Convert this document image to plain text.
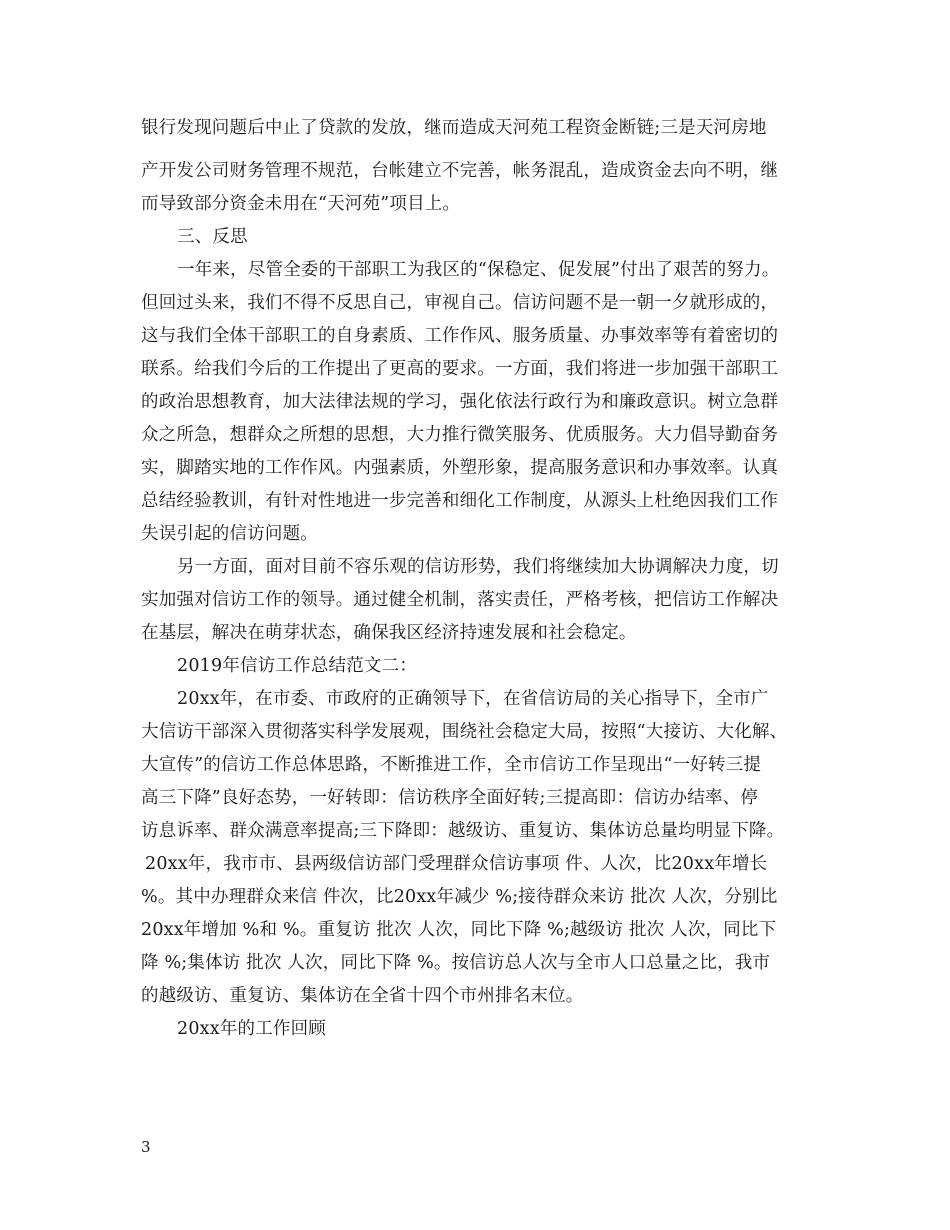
银行发现问题后中止了贷款的发放，继而造成天河苑工程资金断链;三是天河房地
产开发公司财务管理不规范，台帐建立不完善，帐务混乱，造成资金去向不明，继
而导致部分资金未用在“天河苑”项目上。
三、反思
一年来，尽管全委的干部职工为我区的“保稳定、促发展”付出了艰苦的努力。
但回过头来，我们不得不反思自己，审视自己。信访问题不是一朝一夕就形成的，
这与我们全体干部职工的自身素质、工作作风、服务质量、办事效率等有着密切的
联系。给我们今后的工作提出了更高的要求。一方面，我们将进一步加强干部职工
的政治思想教育，加大法律法规的学习，强化依法行政行为和廉政意识。树立急群
众之所急，想群众之所想的思想，大力推行微笑服务、优质服务。大力倡导勤奋务
实，脚踏实地的工作作风。内强素质，外塑形象，提高服务意识和办事效率。认真
总结经验教训，有针对性地进一步完善和细化工作制度，从源头上杜绝因我们工作
失误引起的信访问题。
另一方面，面对目前不容乐观的信访形势，我们将继续加大协调解决力度，切
实加强对信访工作的领导。通过健全机制，落实责任，严格考核，把信访工作解决
在基层，解决在萌芽状态，确保我区经济持速发展和社会稳定。
2019年信访工作总结范文二：
20xx年，在市委、市政府的正确领导下，在省信访局的关心指导下，全市广
大信访干部深入贯彻落实科学发展观，围绕社会稳定大局，按照“大接访、大化解、
大宣传”的信访工作总体思路，不断推进工作，全市信访工作呈现出“一好转三提
高三下降”良好态势，一好转即：信访秩序全面好转;三提高即：信访办结率、停
访息诉率、群众满意率提高;三下降即：越级访、重复访、集体访总量均明显下降。
20xx年，我市市、县两级信访部门受理群众信访事项 件、人次，比20xx年增长
%。其中办理群众来信 件次，比20xx年减少 %;接待群众来访 批次 人次，分别比
20xx年增加 %和 %。重复访 批次 人次，同比下降 %;越级访 批次 人次，同比下
降 %;集体访 批次 人次，同比下降 %。按信访总人次与全市人口总量之比，我市
的越级访、重复访、集体访在全省十四个市州排名末位。
20xx年的工作回顾
3
